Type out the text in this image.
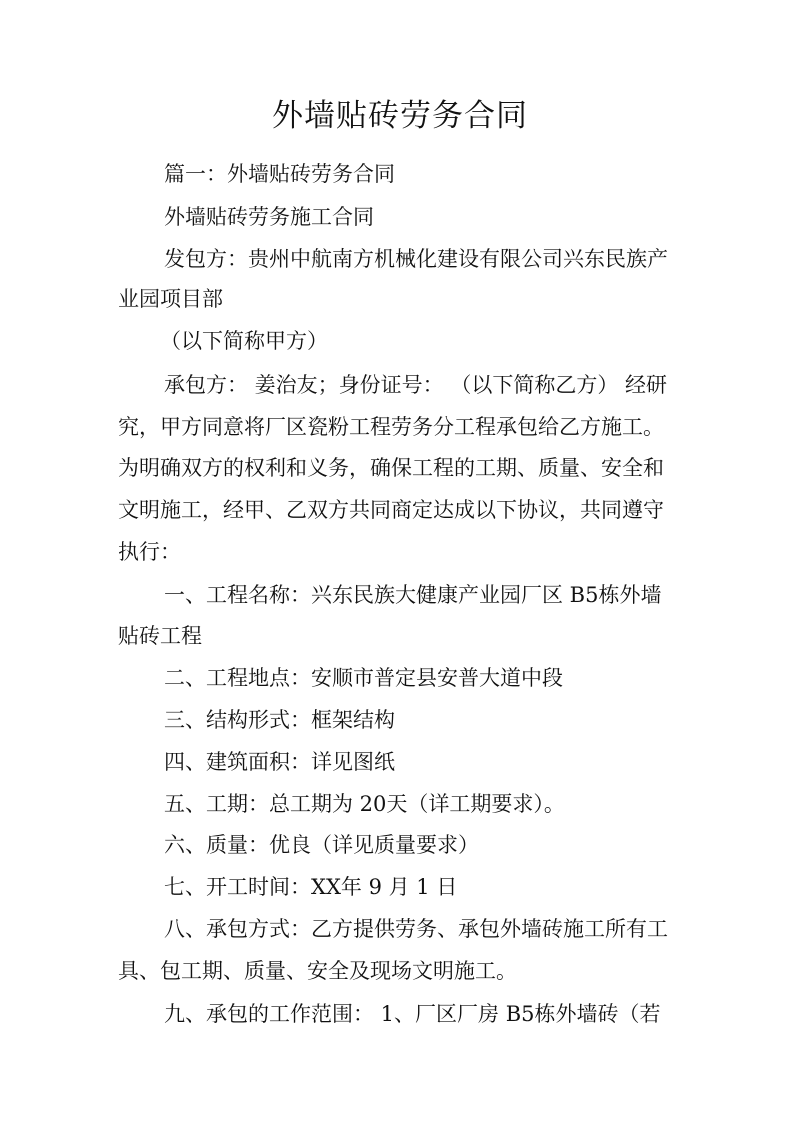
外墙贴砖劳务合同
篇一：外墙贴砖劳务合同
外墙贴砖劳务施工合同
发包方：贵州中航南方机械化建设有限公司兴东民族产
业园项目部
（以下简称甲方）
承包方： 姜治友；身份证号： （以下简称乙方） 经研
究，甲方同意将厂区瓷粉工程劳务分工程承包给乙方施工。
为明确双方的权利和义务，确保工程的工期、质量、安全和
文明施工，经甲、乙双方共同商定达成以下协议，共同遵守
执行：
一、工程名称：兴东民族大健康产业园厂区 B5栋外墙
贴砖工程
二、工程地点：安顺市普定县安普大道中段
三、结构形式：框架结构
四、建筑面积：详见图纸
五、工期：总工期为 20天（详工期要求）。
六、质量：优良（详见质量要求）
七、开工时间：XX年 9 月 1 日
八、承包方式：乙方提供劳务、承包外墙砖施工所有工
具、包工期、质量、安全及现场文明施工。
九、承包的工作范围： 1、厂区厂房 B5栋外墙砖（若
